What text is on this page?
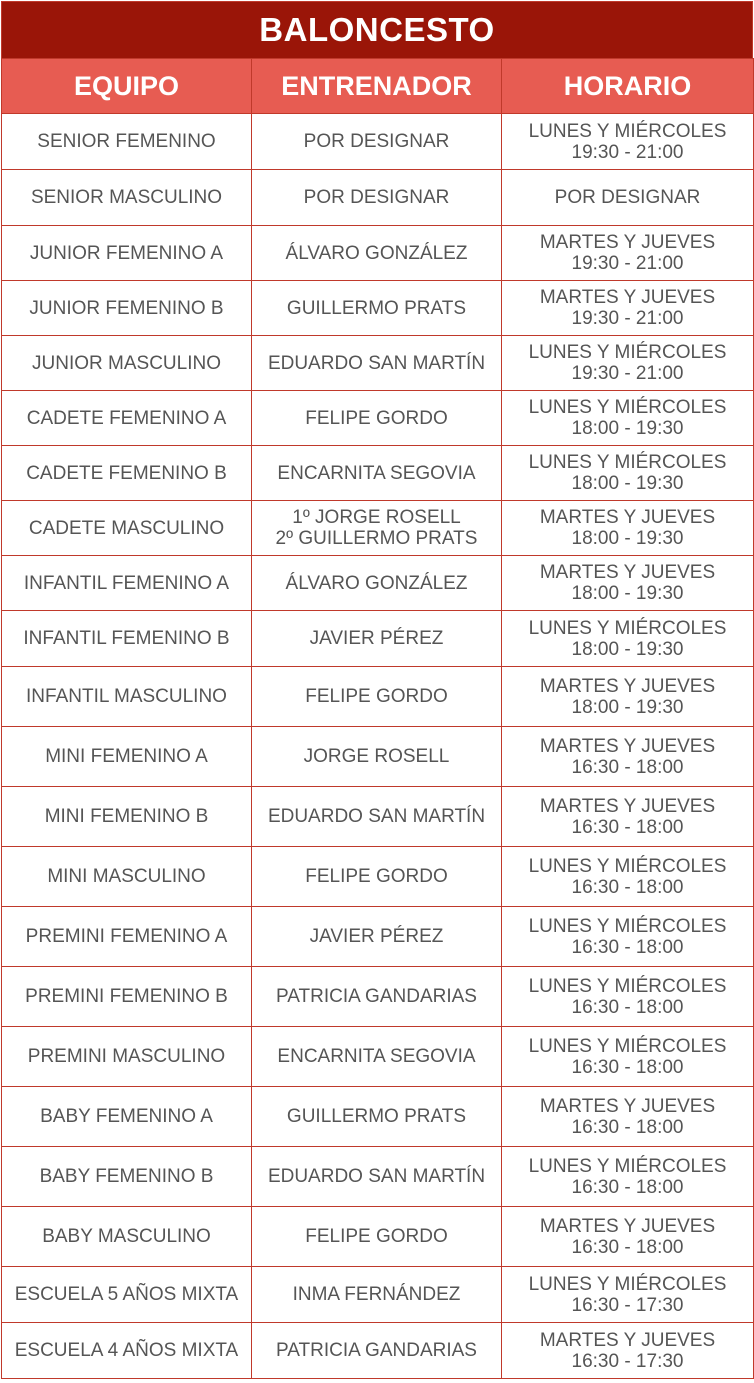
BALONCESTO
EQUIPO	ENTRENADOR	HORARIO
SENIOR FEMENINO	POR DESIGNAR	LUNES Y MIÉRCOLES
19:30 - 21:00

SENIOR MASCULINO	POR DESIGNAR	POR DESIGNAR

JUNIOR FEMENINO A	ÁLVARO GONZÁLEZ	MARTES Y JUEVES
19:30 - 21:00

JUNIOR FEMENINO B	GUILLERMO PRATS	MARTES Y JUEVES
19:30 - 21:00

JUNIOR MASCULINO	EDUARDO SAN MARTÍN	LUNES Y MIÉRCOLES
19:30 - 21:00

CADETE FEMENINO A	FELIPE GORDO	LUNES Y MIÉRCOLES
18:00 - 19:30

CADETE FEMENINO B	ENCARNITA SEGOVIA	LUNES Y MIÉRCOLES
18:00 - 19:30

CADETE MASCULINO	1º JORGE ROSELL
2º GUILLERMO PRATS	MARTES Y JUEVES
18:00 - 19:30

INFANTIL FEMENINO A	ÁLVARO GONZÁLEZ	MARTES Y JUEVES
18:00 - 19:30

INFANTIL FEMENINO B	JAVIER PÉREZ	LUNES Y MIÉRCOLES
18:00 - 19:30

INFANTIL MASCULINO	FELIPE GORDO	MARTES Y JUEVES
18:00 - 19:30

MINI FEMENINO A	JORGE ROSELL	MARTES Y JUEVES
16:30 - 18:00

MINI FEMENINO B	EDUARDO SAN MARTÍN	MARTES Y JUEVES
16:30 - 18:00

MINI MASCULINO	FELIPE GORDO	LUNES Y MIÉRCOLES
16:30 - 18:00

PREMINI FEMENINO A	JAVIER PÉREZ	LUNES Y MIÉRCOLES
16:30 - 18:00

PREMINI FEMENINO B	PATRICIA GANDARIAS	LUNES Y MIÉRCOLES
16:30 - 18:00

PREMINI MASCULINO	ENCARNITA SEGOVIA	LUNES Y MIÉRCOLES
16:30 - 18:00

BABY FEMENINO A	GUILLERMO PRATS	MARTES Y JUEVES
16:30 - 18:00

BABY FEMENINO B	EDUARDO SAN MARTÍN	LUNES Y MIÉRCOLES
16:30 - 18:00

BABY MASCULINO	FELIPE GORDO	MARTES Y JUEVES
16:30 - 18:00

ESCUELA 5 AÑOS MIXTA	INMA FERNÁNDEZ	LUNES Y MIÉRCOLES
16:30 - 17:30

ESCUELA 4 AÑOS MIXTA	PATRICIA GANDARIAS	MARTES Y JUEVES
16:30 - 17:30
